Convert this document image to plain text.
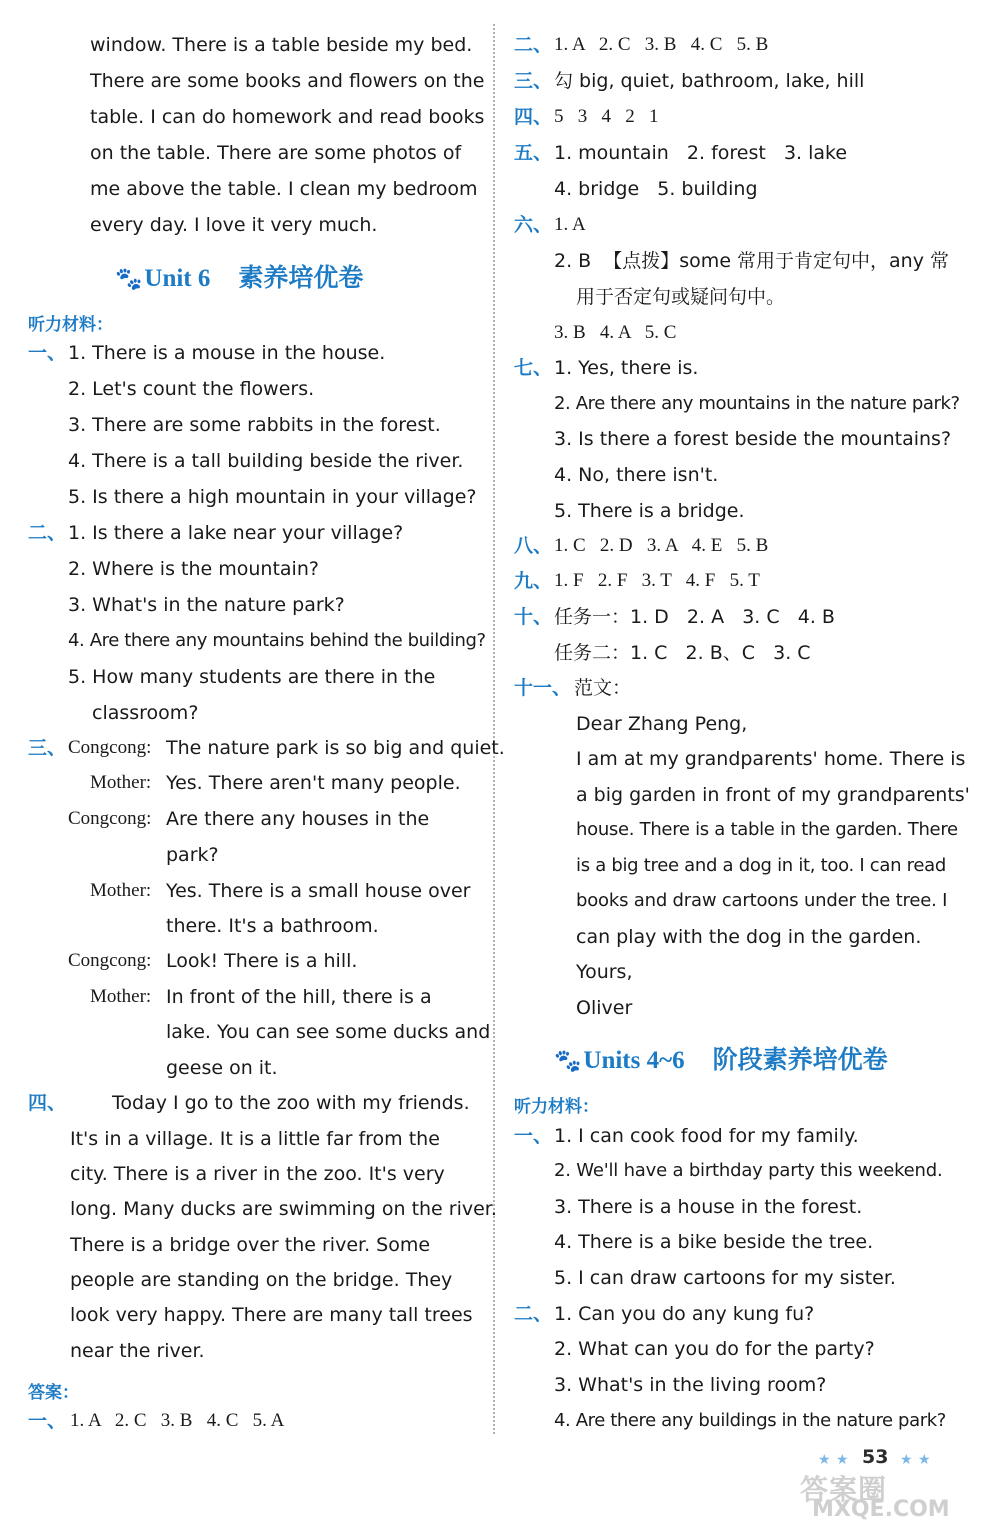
window. There is a table beside my bed.
There are some books and flowers on the
table. I can do homework and read books
on the table. There are some photos of
me above the table. I clean my bedroom
every day. I love it very much.
🐾Unit 6 素养培优卷
听力材料：
一、 1. There is a mouse in the house.
2. Let's count the flowers.
3. There are some rabbits in the forest.
4. There is a tall building beside the river.
5. Is there a high mountain in your village?
二、 1. Is there a lake near your village?
2. Where is the mountain?
3. What's in the nature park?
4. Are there any mountains behind the building?
5. How many students are there in the
classroom?
三、 Congcong: The nature park is so big and quiet.
Mother: Yes. There aren't many people.
Congcong: Are there any houses in the
park?
Mother: Yes. There is a small house over
there. It's a bathroom.
Congcong: Look! There is a hill.
Mother: In front of the hill, there is a
lake. You can see some ducks and
geese on it.
四、 Today I go to the zoo with my friends.
It's in a village. It is a little far from the
city. There is a river in the zoo. It's very
long. Many ducks are swimming on the river.
There is a bridge over the river. Some
people are standing on the bridge. They
look very happy. There are many tall trees
near the river.
答案：
一、 1. A   2. C   3. B   4. C   5. A
二、 1. A   2. C   3. B   4. C   5. B
三、 勾 big, quiet, bathroom, lake, hill
四、 5   3   4   2   1
五、 1. mountain   2. forest   3. lake
4. bridge   5. building
六、 1. A
2. B  【点拨】some 常用于肯定句中，any 常
用于否定句或疑问句中。
3. B   4. A   5. C
七、 1. Yes, there is.
2. Are there any mountains in the nature park?
3. Is there a forest beside the mountains?
4. No, there isn't.
5. There is a bridge.
八、 1. C   2. D   3. A   4. E   5. B
九、 1. F   2. F   3. T   4. F   5. T
十、 任务一：1. D   2. A   3. C   4. B
任务二：1. C   2. B、C   3. C
十一、 范文：
Dear Zhang Peng,
I am at my grandparents' home. There is
a big garden in front of my grandparents'
house. There is a table in the garden. There
is a big tree and a dog in it, too. I can read
books and draw cartoons under the tree. I
can play with the dog in the garden.
Yours,
Oliver
🐾Units 4~6 阶段素养培优卷
听力材料：
一、 1. I can cook food for my family.
2. We'll have a birthday party this weekend.
3. There is a house in the forest.
4. There is a bike beside the tree.
5. I can draw cartoons for my sister.
二、 1. Can you do any kung fu?
2. What can you do for the party?
3. What's in the living room?
4. Are there any buildings in the nature park?
★ ★	★ ★
53
答案圈
MXQE.COM
